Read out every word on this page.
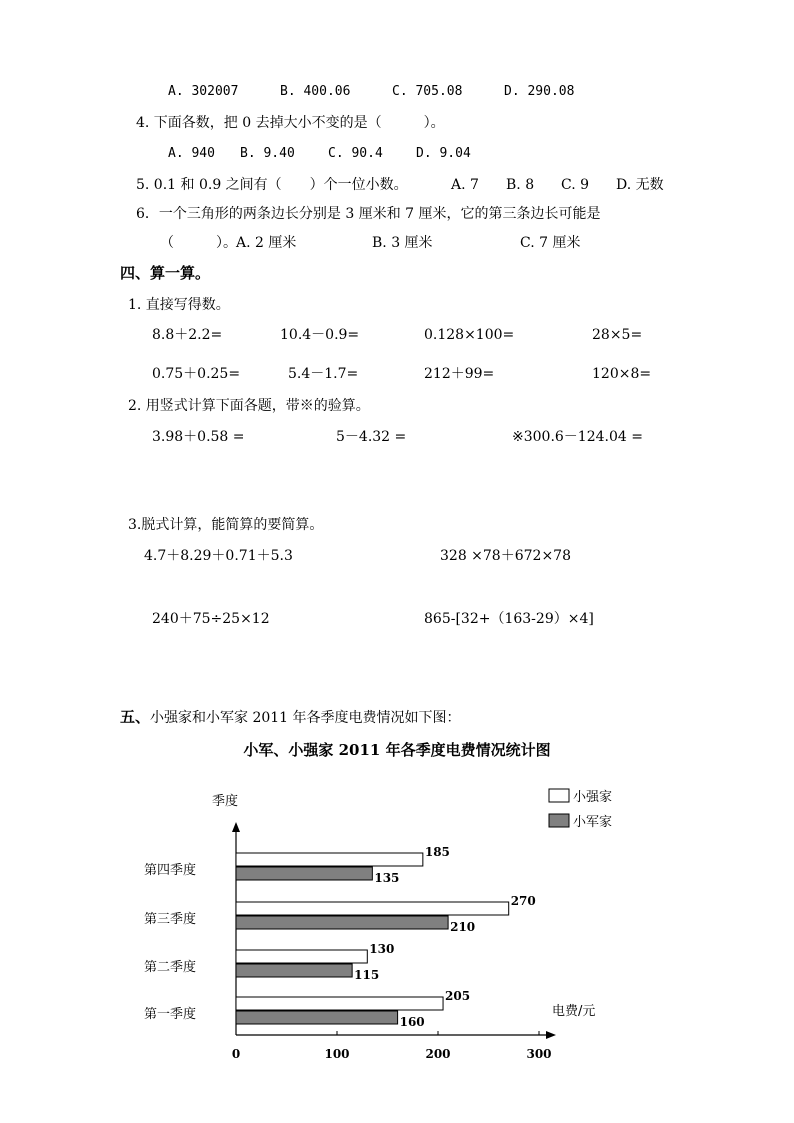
A. 302007	B. 400.06	C. 705.08	D. 290.08
4. 下面各数，把 0 去掉大小不变的是（　　　）。
A. 940 B. 9.40	C. 90.4	D. 9.04
5. 0.1 和 0.9 之间有（　　）个一位小数。	A. 7 B. 8 C. 9 D. 无数
6．一个三角形的两条边长分别是 3 厘米和 7 厘米，它的第三条边长可能是
（　　　）。 A. 2 厘米	B. 3 厘米	C. 7 厘米
四、算一算。
1. 直接写得数。
8.8＋2.2=	10.4－0.9=	0.128×100=	28×5=
0.75＋0.25=	5.4－1.7=	212＋99=	120×8=
2. 用竖式计算下面各题，带※的验算。
3.98＋0.58 =	5－4.32 =	※300.6－124.04 =
3.脱式计算，能简算的要简算。
4.7＋8.29＋0.71＋5.3	328 ×78＋672×78
240＋75÷25×12	865-[32+（163-29）×4]
五、小强家和小军家 2011 年各季度电费情况如下图：
小军、小强家 2011 年各季度电费情况统计图
季度
电费/元
小强家
小军家
205
160
130
115
270
210
185
135
0	100	200	300
第一季度
第二季度
第三季度
第四季度
